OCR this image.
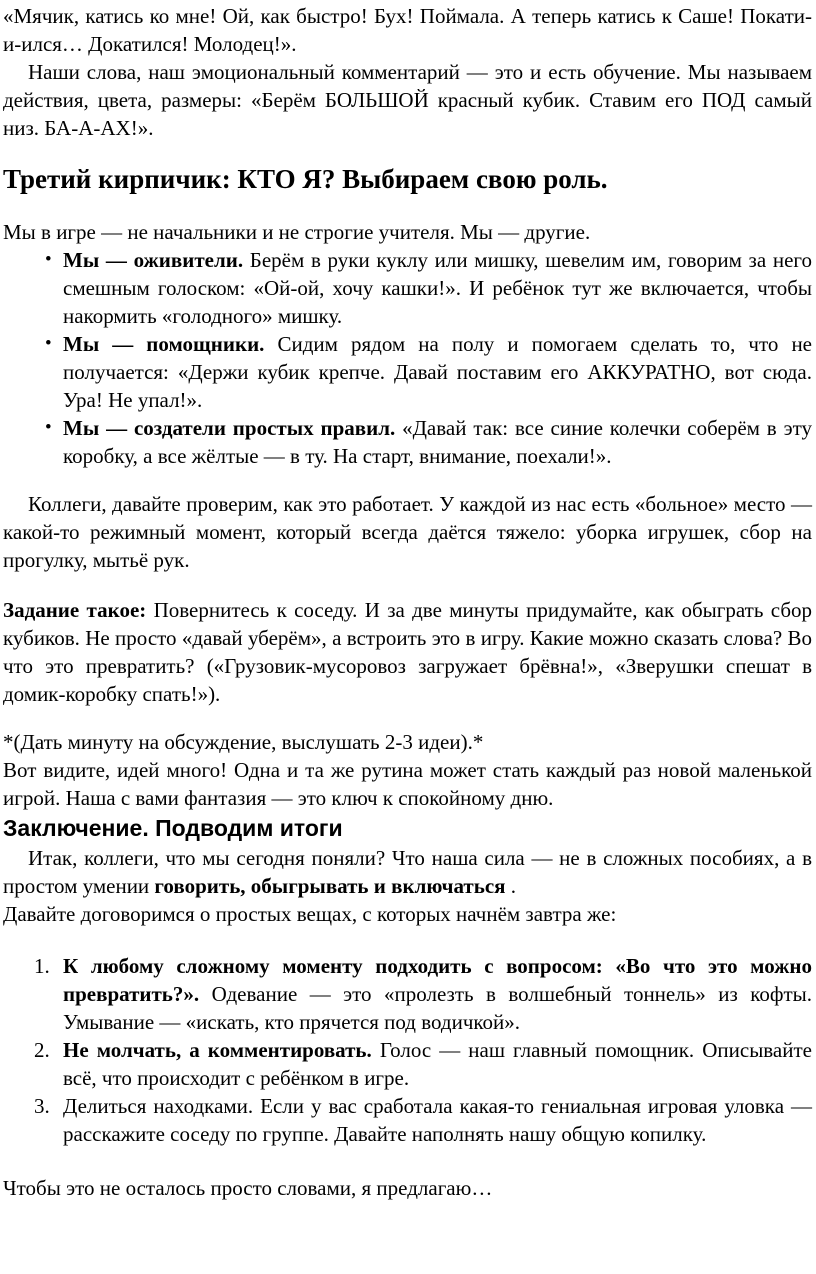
«Мячик, катись ко мне! Ой, как быстро! Бух! Поймала. А теперь катись к Саше! Покати-и-ился… Докатился! Молодец!».

Наши слова, наш эмоциональный комментарий — это и есть обучение. Мы называем действия, цвета, размеры: «Берём БОЛЬШОЙ красный кубик. Ставим его ПОД самый низ. БА-А-АХ!».

Третий кирпичик: КТО Я? Выбираем свою роль.

Мы в игре — не начальники и не строгие учителя. Мы — другие.

• Мы — оживители. Берём в руки куклу или мишку, шевелим им, говорим за него смешным голоском: «Ой-ой, хочу кашки!». И ребёнок тут же включается, чтобы накормить «голодного» мишку.
• Мы — помощники. Сидим рядом на полу и помогаем сделать то, что не получается: «Держи кубик крепче. Давай поставим его АККУРАТНО, вот сюда. Ура! Не упал!».
• Мы — создатели простых правил. «Давай так: все синие колечки соберём в эту коробку, а все жёлтые — в ту. На старт, внимание, поехали!».

Коллеги, давайте проверим, как это работает. У каждой из нас есть «больное» место — какой-то режимный момент, который всегда даётся тяжело: уборка игрушек, сбор на прогулку, мытьё рук.

Задание такое: Повернитесь к соседу. И за две минуты придумайте, как обыграть сбор кубиков. Не просто «давай уберём», а встроить это в игру. Какие можно сказать слова? Во что это превратить? («Грузовик-мусоровоз загружает брёвна!», «Зверушки спешат в домик-коробку спать!»).

*(Дать минуту на обсуждение, выслушать 2-3 идеи).*

Вот видите, идей много! Одна и та же рутина может стать каждый раз новой маленькой игрой. Наша с вами фантазия — это ключ к спокойному дню.

Заключение. Подводим итоги

Итак, коллеги, что мы сегодня поняли? Что наша сила — не в сложных пособиях, а в простом умении говорить, обыгрывать и включаться .

Давайте договоримся о простых вещах, с которых начнём завтра же:

1. К любому сложному моменту подходить с вопросом: «Во что это можно превратить?». Одевание — это «пролезть в волшебный тоннель» из кофты. Умывание — «искать, кто прячется под водичкой».
2. Не молчать, а комментировать. Голос — наш главный помощник. Описывайте всё, что происходит с ребёнком в игре.
3. Делиться находками. Если у вас сработала какая-то гениальная игровая уловка — расскажите соседу по группе. Давайте наполнять нашу общую копилку.

Чтобы это не осталось просто словами, я предлагаю…
